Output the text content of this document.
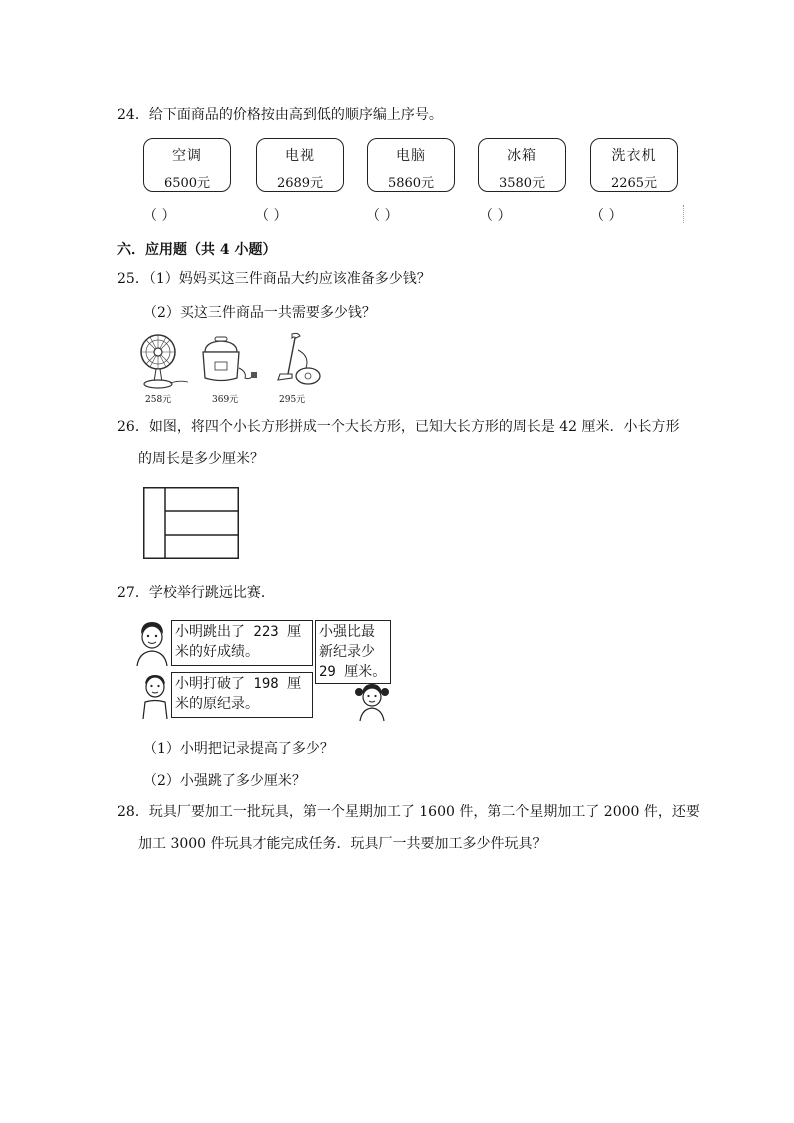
24．给下面商品的价格按由高到低的顺序编上序号。
空调
6500元
电视
2689元
电脑
5860元
冰箱
3580元
洗衣机
2265元
（ ）	（ ）	（ ）	（ ）	（ ）
六．应用题（共 4 小题）
25．（1）妈妈买这三件商品大约应该准备多少钱？
（2）买这三件商品一共需要多少钱？
258元	369元	295元
26．如图，将四个小长方形拼成一个大长方形，已知大长方形的周长是 42 厘米．小长方形
的周长是多少厘米？
27．学校举行跳远比赛．
小明跳出了 223 厘
米的好成绩。
小明打破了 198 厘
米的原纪录。
小强比最
新纪录少
29 厘米。
（1）小明把记录提高了多少？
（2）小强跳了多少厘米？
28．玩具厂要加工一批玩具，第一个星期加工了 1600 件，第二个星期加工了 2000 件，还要
加工 3000 件玩具才能完成任务．玩具厂一共要加工多少件玩具？
